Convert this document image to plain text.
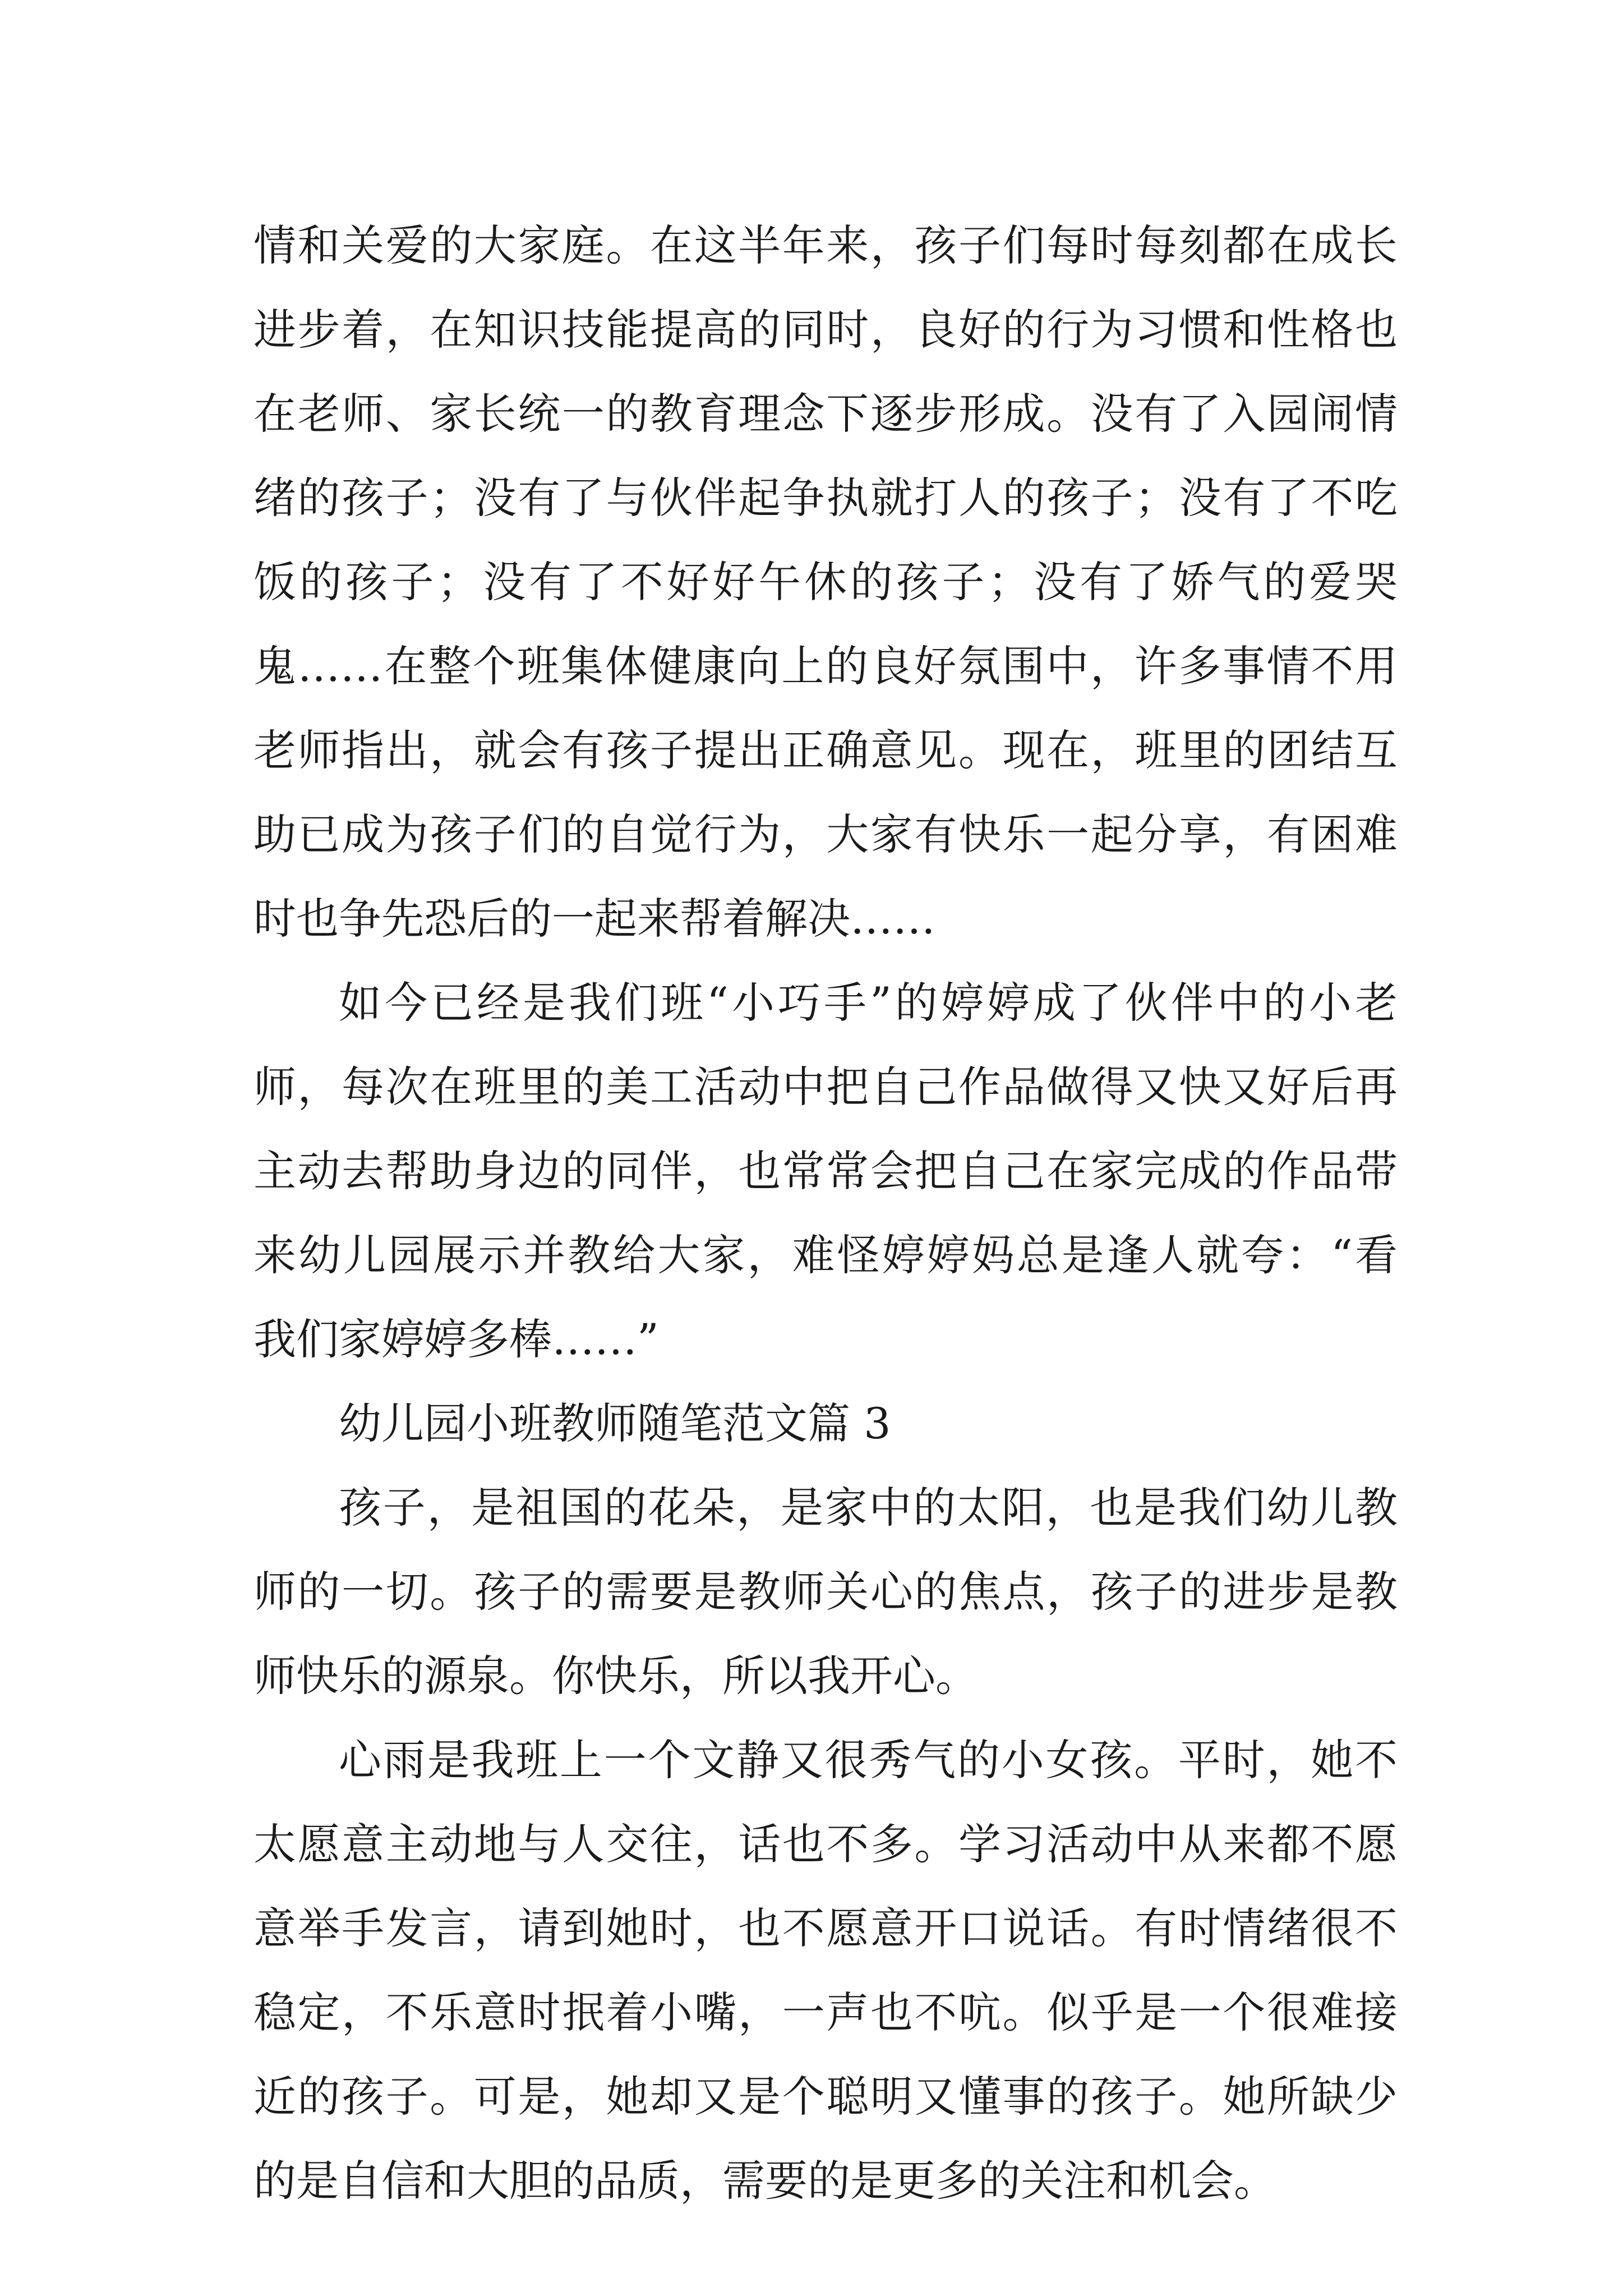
情和关爱的大家庭。在这半年来，孩子们每时每刻都在成长
进步着，在知识技能提高的同时，良好的行为习惯和性格也
在老师、家长统一的教育理念下逐步形成。没有了入园闹情
绪的孩子；没有了与伙伴起争执就打人的孩子；没有了不吃
饭的孩子；没有了不好好午休的孩子；没有了娇气的爱哭
鬼……在整个班集体健康向上的良好氛围中，许多事情不用
老师指出，就会有孩子提出正确意见。现在，班里的团结互
助已成为孩子们的自觉行为，大家有快乐一起分享，有困难
时也争先恐后的一起来帮着解决……
如今已经是我们班“小巧手”的婷婷成了伙伴中的小老
师，每次在班里的美工活动中把自己作品做得又快又好后再
主动去帮助身边的同伴，也常常会把自己在家完成的作品带
来幼儿园展示并教给大家，难怪婷婷妈总是逢人就夸：“看
我们家婷婷多棒……”
幼儿园小班教师随笔范文篇 3
孩子，是祖国的花朵，是家中的太阳，也是我们幼儿教
师的一切。孩子的需要是教师关心的焦点，孩子的进步是教
师快乐的源泉。你快乐，所以我开心。
心雨是我班上一个文静又很秀气的小女孩。平时，她不
太愿意主动地与人交往，话也不多。学习活动中从来都不愿
意举手发言，请到她时，也不愿意开口说话。有时情绪很不
稳定，不乐意时抿着小嘴，一声也不吭。似乎是一个很难接
近的孩子。可是，她却又是个聪明又懂事的孩子。她所缺少
的是自信和大胆的品质，需要的是更多的关注和机会。
